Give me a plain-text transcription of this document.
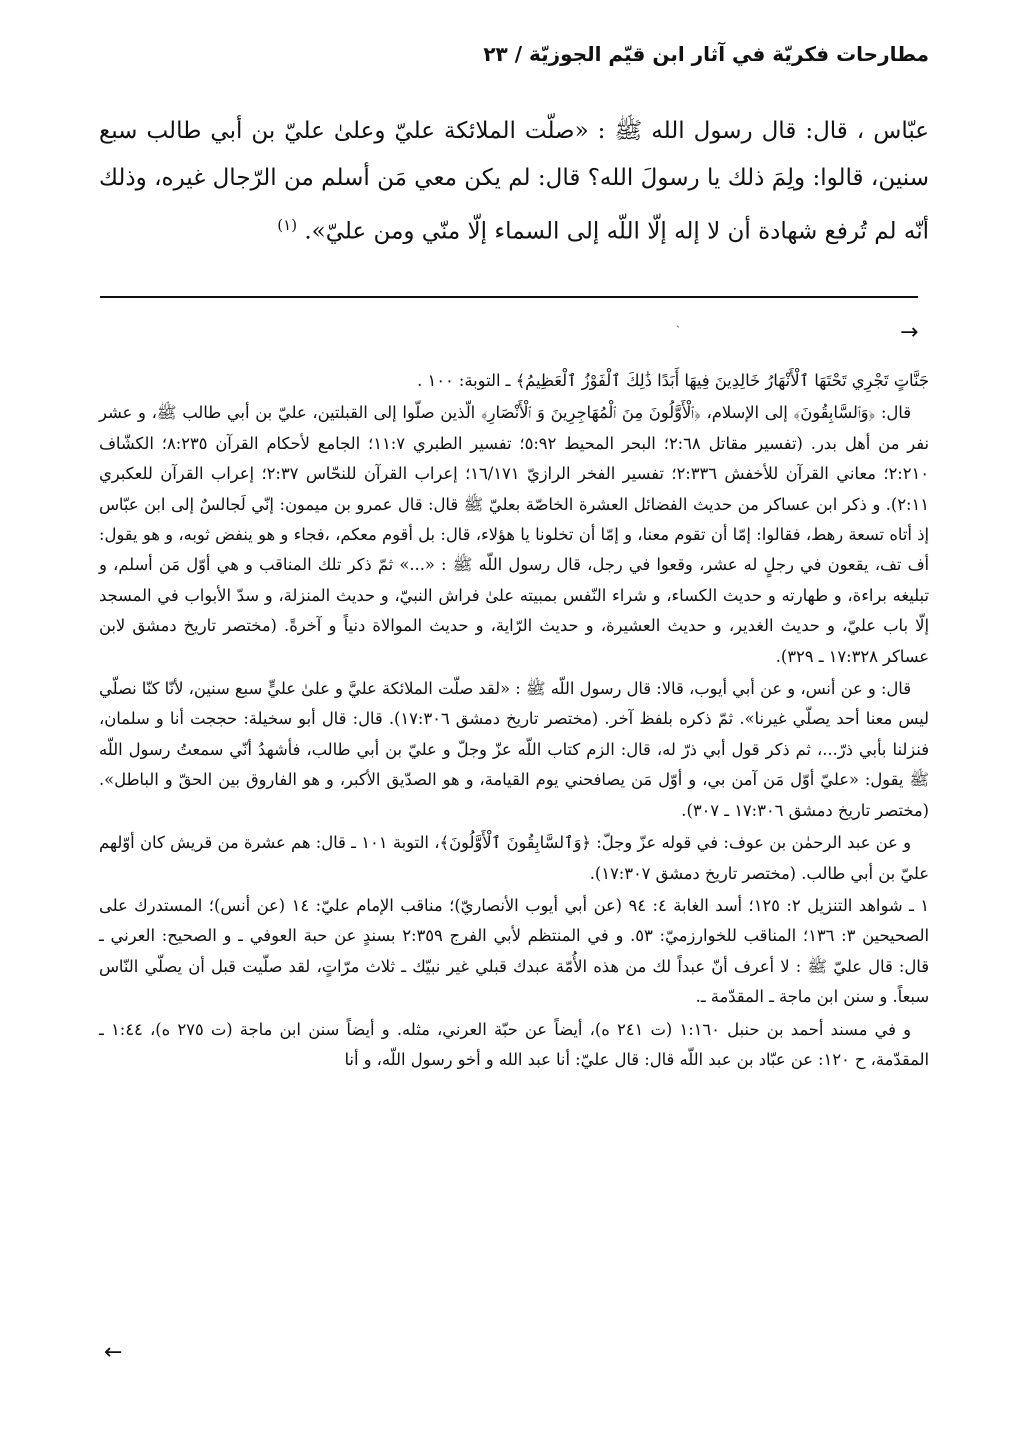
مطارحات فكريّة في آثار ابن قيّم الجوزيّة / ٢٣
عبّاس ، قال: قال رسول الله ﷺ : «صلّت الملائكة عليّ وعلىٰ عليّ بن أبي طالب سبع سنين، قالوا: ولِمَ ذلك يا رسولَ الله؟ قال: لم يكن معي مَن أسلم من الرّجال غيره، وذلك أنّه لم تُرفع شهادة أن لا إله إلّا اللّه إلى السماء إلّا منّي ومن عليّ». $^{(١)}$
ˏ	→

جَنَّاتٍ تَجْرِي تَحْتَهَا ٱلْأَنْهَارُ خَالِدِينَ فِيهَا أَبَدًا ذَٰلِكَ ٱلْفَوْزُ ٱلْعَظِيمُ﴾ ـ التوبة: ١٠٠ .

قال: ﴿وَٱلسَّابِقُونَ﴾ إلى الإسلام، ﴿ٱلْأَوَّلُونَ مِنَ ٱلْمُهَاجِرِينَ وَ ٱلْأَنْصَارِ﴾ الّذين صلّوا إلى القبلتين، عليّ بن أبي طالب ﷺ، و عشر نفر من أهل بدر. (تفسير مقاتل ٢:٦٨؛ البحر المحيط ٥:٩٢؛ تفسير الطبري ١١:٧؛ الجامع لأحكام القرآن ٨:٢٣٥؛ الكشّاف ٢:٢١٠؛ معاني القرآن للأخفش ٢:٣٣٦؛ تفسير الفخر الرازيّ ١٦/١٧١؛ إعراب القرآن للنحّاس ٢:٣٧؛ إعراب القرآن للعكبري ٢:١١). و ذكر ابن عساكر من حديث الفضائل العشرة الخاصّة بعليّ ﷺ قال: قال عمرو بن ميمون: إنّي لَجالسٌ إلى ابن عبّاس إذ أتاه تسعة رهط، فقالوا: إمّا أن تقوم معنا، و إمّا أن تخلونا يا هؤلاء، قال: بل أقوم معكم، ،فجاء و هو ينفض ثوبه، و هو يقول: أف تف، يقعون في رجلٍ له عشر، وقعوا في رجل، قال رسول اللّه ﷺ : «...» ثمّ ذكر تلك المناقب و هي أوّل مَن أسلم، و تبليغه براءة، و طهارته و حديث الكساء، و شراء النّفس بمبيته علىٰ فراش النبيّ، و حديث المنزلة، و سدّ الأبواب في المسجد إلّا باب عليّ، و حديث الغدير، و حديث العشيرة، و حديث الرّاية، و حديث الموالاة دنياً و آخرةً. (مختصر تاريخ دمشق لابن عساكر ١٧:٣٢٨ ـ ٣٢٩).

قال: و عن أنس، و عن أبي أيوب، قالا: قال رسول اللّه ﷺ : «لقد صلّت الملائكة عليَّ و علىٰ عليٍّ سبع سنين، لأنّا كنّا نصلّي ليس معنا أحد يصلّي غيرنا». ثمّ ذكره بلفظ آخر. (مختصر تاريخ دمشق ١٧:٣٠٦). قال: قال أبو سخيلة: حججت أنا و سلمان، فنزلنا بأبي ذرّ...، ثم ذكر قول أبي ذرّ له، قال: الزم كتاب اللّه عزّ وجلّ و عليّ بن أبي طالب، فأشهدُ أنّي سمعتُ رسول اللّه ﷺ يقول: «عليّ أوّل مَن آمن بي، و أوّل مَن يصافحني يوم القيامة، و هو الصدّيق الأكبر، و هو الفاروق بين الحقّ و الباطل». (مختصر تاريخ دمشق ١٧:٣٠٦ ـ ٣٠٧).

و عن عبد الرحمٰن بن عوف: في قوله عزّ وجلّ: ﴿وَٱلسَّابِقُونَ ٱلْأَوَّلُونَ﴾، التوبة ١٠١ ـ قال: هم عشرة من قريش كان أوّلهم عليّ بن أبي طالب. (مختصر تاريخ دمشق ١٧:٣٠٧).

١ ـ شواهد التنزيل ٢: ١٢٥؛ أسد الغابة ٤: ٩٤ (عن أبي أيوب الأنصاريّ)؛ مناقب الإمام عليّ: ١٤ (عن أنس)؛ المستدرك على الصحيحين ٣: ١٣٦؛ المناقب للخوارزميّ: ٥٣. و في المنتظم لأبي الفرج ٢:٣٥٩ بسندٍ عن حبة العوفي ـ و الصحيح: العرني ـ قال: قال عليّ ﷺ : لا أعرف أنّ عبداً لك من هذه الأُمّة عبدك قبلي غير نبيّك ـ ثلاث مرّاتٍ، لقد صلّيت قبل أن يصلّي النّاس سبعاً. و سنن ابن ماجة ـ المقدّمة ـ.

و في مسند أحمد بن حنبل ١:١٦٠ (ت ٢٤١ ه)، أيضاً عن حبّة العرني، مثله. و أيضاً سنن ابن ماجة (ت ٢٧٥ ه)، ١:٤٤ ـ المقدّمة، ح ١٢٠: عن عبّاد بن عبد اللّه قال: قال عليّ: أنا عبد الله و أخو رسول اللّه، و أنا

←
